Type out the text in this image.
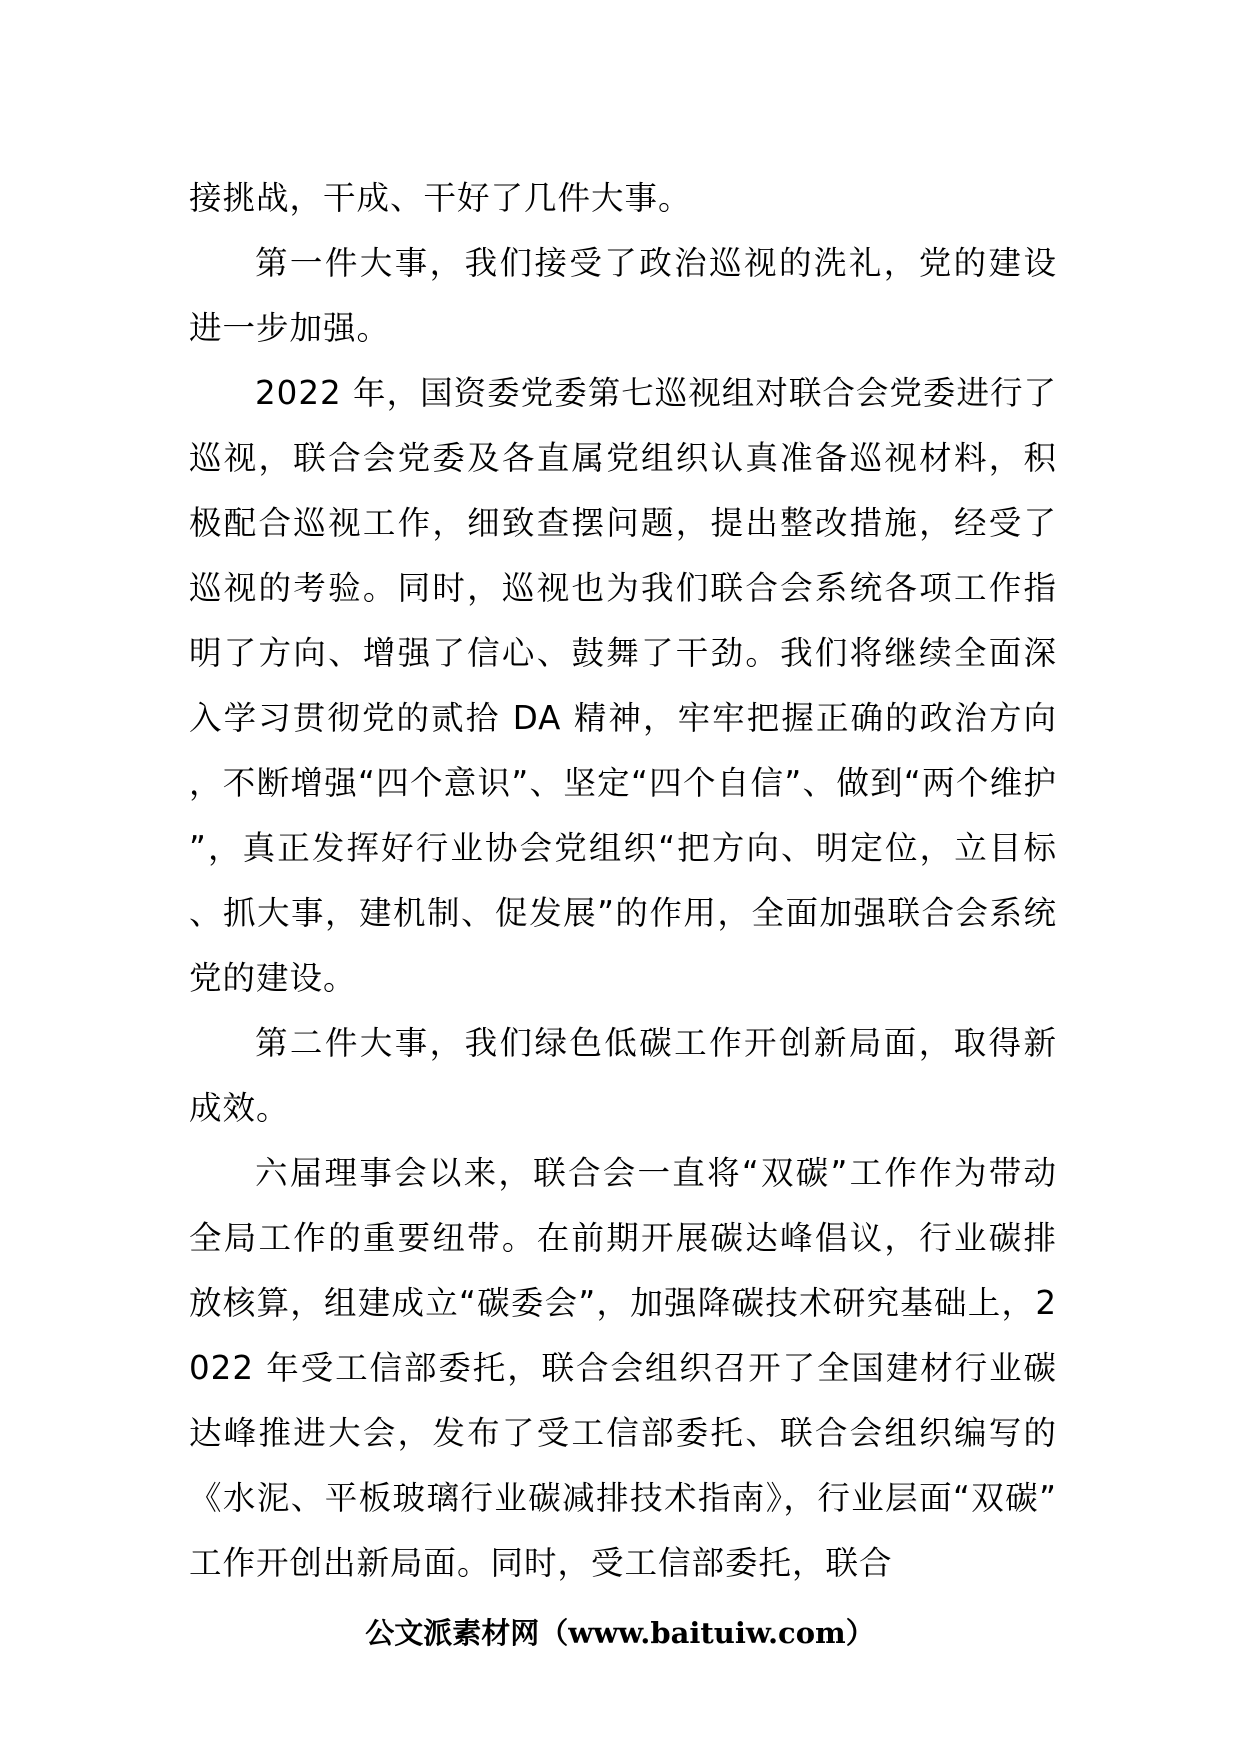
接挑战，干成、干好了几件大事。

第一件大事，我们接受了政治巡视的洗礼，党的建设进一步加强。

2022 年，国资委党委第七巡视组对联合会党委进行了巡视，联合会党委及各直属党组织认真准备巡视材料，积极配合巡视工作，细致查摆问题，提出整改措施，经受了巡视的考验。同时，巡视也为我们联合会系统各项工作指明了方向、增强了信心、鼓舞了干劲。我们将继续全面深入学习贯彻党的贰拾 DA 精神，牢牢把握正确的政治方向，不断增强“四个意识”、坚定“四个自信”、做到“两个维护”，真正发挥好行业协会党组织“把方向、明定位，立目标、抓大事，建机制、促发展”的作用，全面加强联合会系统党的建设。

第二件大事，我们绿色低碳工作开创新局面，取得新成效。

六届理事会以来，联合会一直将“双碳”工作作为带动全局工作的重要纽带。在前期开展碳达峰倡议，行业碳排放核算，组建成立“碳委会”，加强降碳技术研究基础上，2022 年受工信部委托，联合会组织召开了全国建材行业碳达峰推进大会，发布了受工信部委托、联合会组织编写的《水泥、平板玻璃行业碳减排技术指南》，行业层面“双碳”工作开创出新局面。同时，受工信部委托，联合

公文派素材网（www.baituiw.com）
